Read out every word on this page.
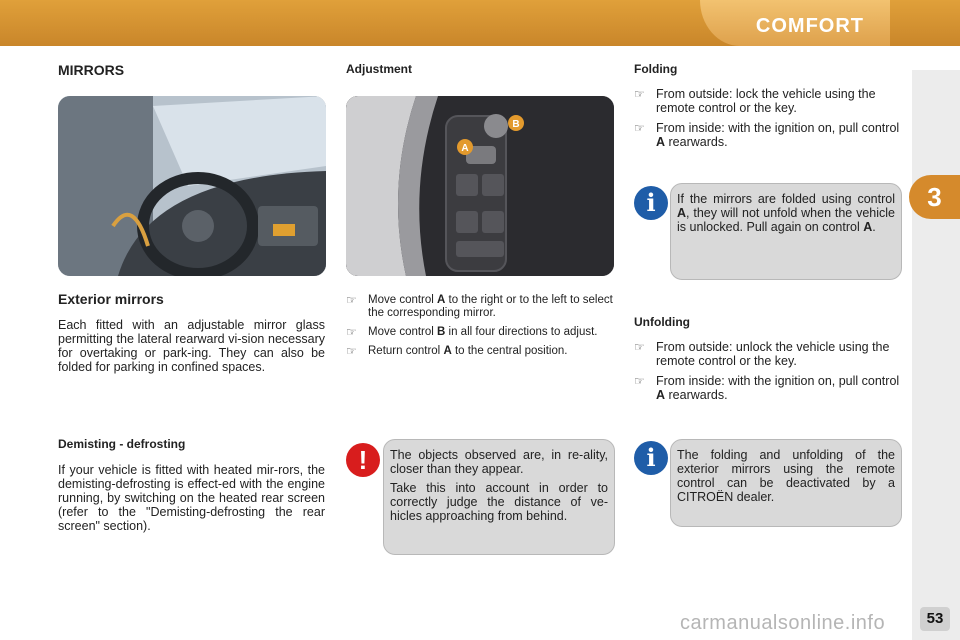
COMFORT
3
MIRRORS
Exterior mirrors
Each fitted with an adjustable mirror glass permitting the lateral rearward vi-sion necessary for overtaking or park-ing. They can also be folded for parking in confined spaces.
Demisting - defrosting
If your vehicle is fitted with heated mir-rors, the demisting-defrosting is effect-ed with the engine running, by switching on the heated rear screen (refer to the "Demisting-defrosting the rear screen" section).
Adjustment
B
A
☞ Move control A to the right or to the left to select the corresponding mirror.
☞ Move control B in all four directions to adjust.
☞ Return control A to the central position.
!	The objects observed are, in re-ality, closer than they appear.

Take this into account in order to correctly judge the distance of ve-hicles approaching from behind.

Folding
☞ From outside: lock the vehicle using the remote control or the key.
☞ From inside: with the ignition on, pull control A rearwards.
i	If the mirrors are folded using control A, they will not unfold when the vehicle is unlocked. Pull again on control A.
Unfolding
☞ From outside: unlock the vehicle using the remote control or the key.
☞ From inside: with the ignition on, pull control A rearwards.
i	The folding and unfolding of the exterior mirrors using the remote control can be deactivated by a CITROËN dealer.
53
carmanualsonline.info
